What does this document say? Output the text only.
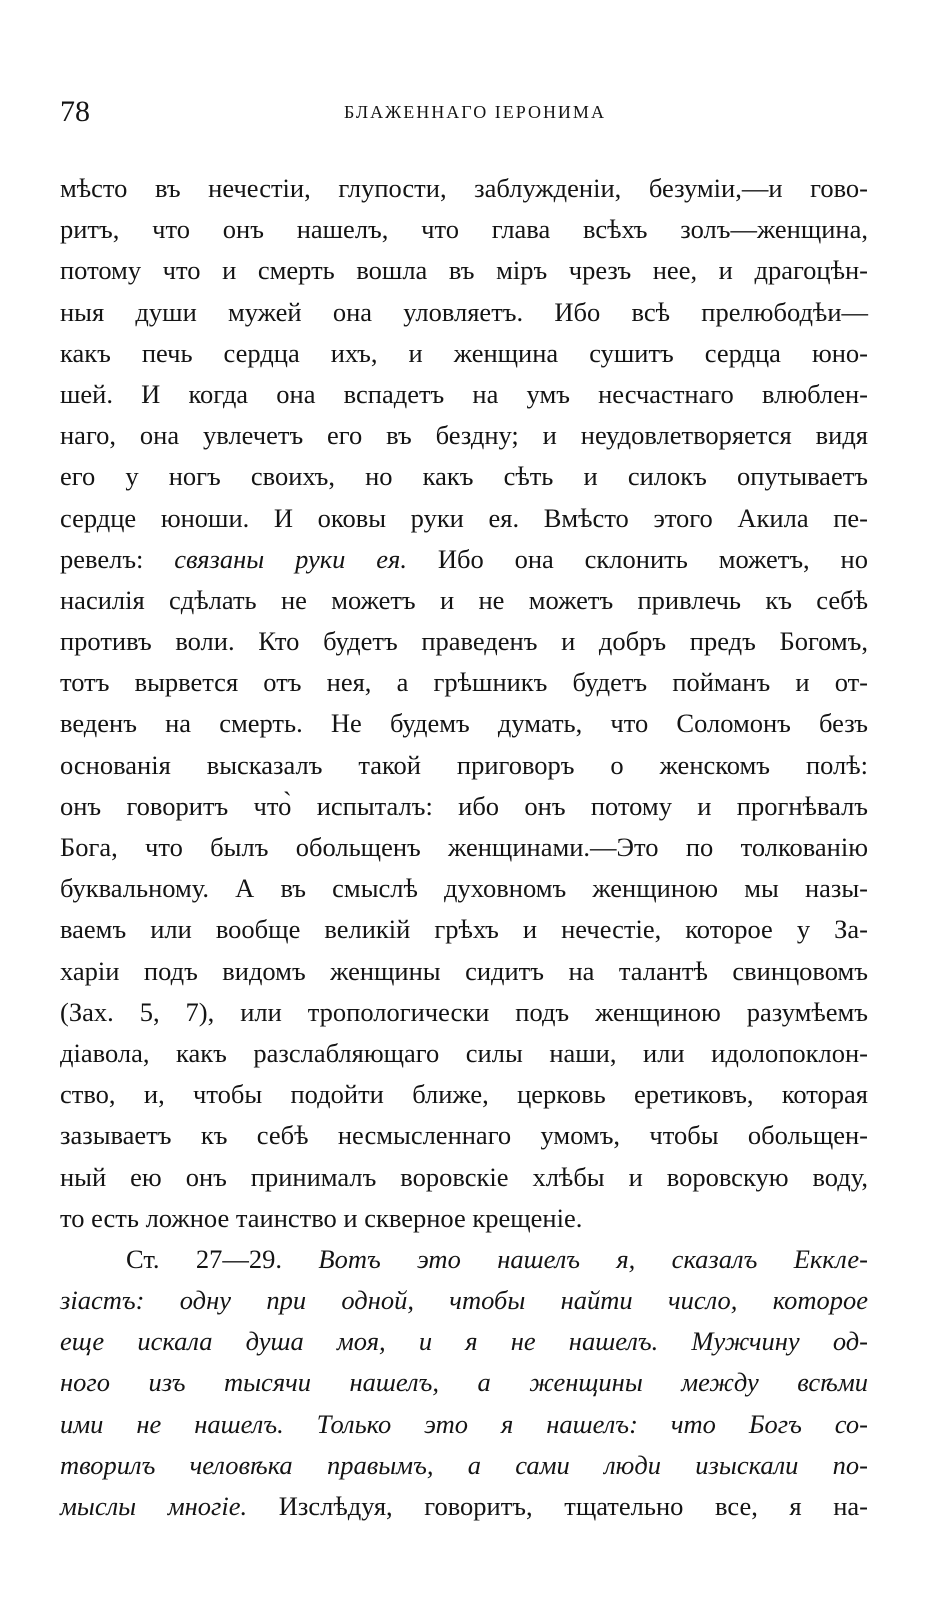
78	БЛАЖЕННАГО ІЕРОНИМА
мѣсто въ нечестіи, глупости, заблужденіи, безуміи,—и гово-
ритъ, что онъ нашелъ, что глава всѣхъ золъ—женщина,
потому что и смерть вошла въ міръ чрезъ нее, и драгоцѣн-
ныя души мужей она уловляетъ. Ибо всѣ прелюбодѣи—
какъ печь сердца ихъ, и женщина сушитъ сердца юно-
шей. И когда она вспадетъ на умъ несчастнаго влюблен-
наго, она увлечетъ его въ бездну; и неудовлетворяется видя
его у ногъ своихъ, но какъ сѣть и силокъ опутываетъ
сердце юноши. И оковы руки ея. Вмѣсто этого Акила пе-
ревелъ: связаны руки ея. Ибо она склонить можетъ, но
насилія сдѣлать не можетъ и не можетъ привлечь къ себѣ
противъ воли. Кто будетъ праведенъ и добръ предъ Богомъ,
тотъ вырвется отъ нея, а грѣшникъ будетъ пойманъ и от-
веденъ на смерть. Не будемъ думать, что Соломонъ безъ
основанія высказалъ такой приговоръ о женскомъ полѣ:
онъ говоритъ что̀ испыталъ: ибо онъ потому и прогнѣвалъ
Бога, что былъ обольщенъ женщинами.—Это по толкованію
буквальному. А въ смыслѣ духовномъ женщиною мы назы-
ваемъ или вообще великій грѣхъ и нечестіе, которое у За-
харіи подъ видомъ женщины сидитъ на талантѣ свинцовомъ
(Зах. 5, 7), или тропологически подъ женщиною разумѣемъ
діавола, какъ разслабляющаго силы наши, или идолопоклон-
ство, и, чтобы подойти ближе, церковь еретиковъ, которая
зазываетъ къ себѣ несмысленнаго умомъ, чтобы обольщен-
ный ею онъ принималъ воровскіе хлѣбы и воровскую воду,
то есть ложное таинство и скверное крещеніе.
Ст. 27—29. Вотъ это нашелъ я, сказалъ Еккле-
зіастъ: одну при одной, чтобы найти число, которое
еще искала душа моя, и я не нашелъ. Мужчину од-
ного изъ тысячи нашелъ, а женщины между всѣми
ими не нашелъ. Только это я нашелъ: что Богъ со-
творилъ человѣка правымъ, а сами люди изыскали по-
мыслы многіе. Изслѣдуя, говоритъ, тщательно все, я на-
